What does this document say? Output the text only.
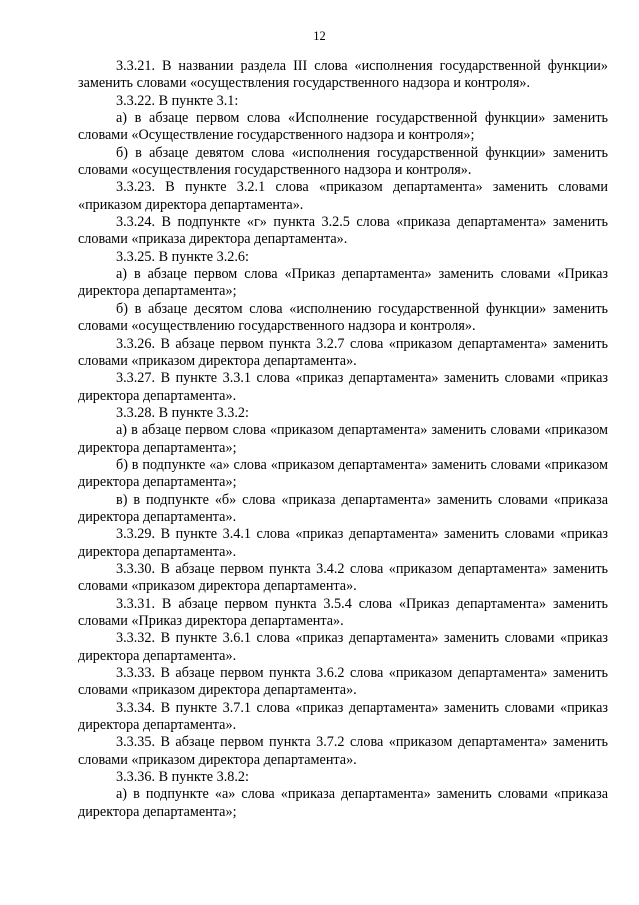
12

3.3.21. В названии раздела III слова «исполнения государственной функции» заменить словами «осуществления государственного надзора и контроля».

3.3.22. В пункте 3.1:

а) в абзаце первом слова «Исполнение государственной функции» заменить словами «Осуществление государственного надзора и контроля»;

б) в абзаце девятом слова «исполнения государственной функции» заменить словами «осуществления государственного надзора и контроля».

3.3.23. В пункте 3.2.1 слова «приказом департамента» заменить словами «приказом директора департамента».

3.3.24. В подпункте «г» пункта 3.2.5 слова «приказа департамента» заменить словами «приказа директора департамента».

3.3.25. В пункте 3.2.6:

а) в абзаце первом слова «Приказ департамента» заменить словами «Приказ директора департамента»;

б) в абзаце десятом слова «исполнению государственной функции» заменить словами «осуществлению государственного надзора и контроля».

3.3.26. В абзаце первом пункта 3.2.7 слова «приказом департамента» заменить словами «приказом директора департамента».

3.3.27. В пункте 3.3.1 слова «приказ департамента» заменить словами «приказ директора департамента».

3.3.28. В пункте 3.3.2:

а) в абзаце первом слова «приказом департамента» заменить словами «приказом директора департамента»;

б) в подпункте «а» слова «приказом департамента» заменить словами «приказом директора департамента»;

в) в подпункте «б» слова «приказа департамента» заменить словами «приказа директора департамента».

3.3.29. В пункте 3.4.1 слова «приказ департамента» заменить словами «приказ директора департамента».

3.3.30. В абзаце первом пункта 3.4.2 слова «приказом департамента» заменить словами «приказом директора департамента».

3.3.31. В абзаце первом пункта 3.5.4 слова «Приказ департамента» заменить словами «Приказ директора департамента».

3.3.32. В пункте 3.6.1 слова «приказ департамента» заменить словами «приказ директора департамента».

3.3.33. В абзаце первом пункта 3.6.2 слова «приказом департамента» заменить словами «приказом директора департамента».

3.3.34. В пункте 3.7.1 слова «приказ департамента» заменить словами «приказ директора департамента».

3.3.35. В абзаце первом пункта 3.7.2 слова «приказом департамента» заменить словами «приказом директора департамента».

3.3.36. В пункте 3.8.2:

а) в подпункте «а» слова «приказа департамента» заменить словами «приказа директора департамента»;
